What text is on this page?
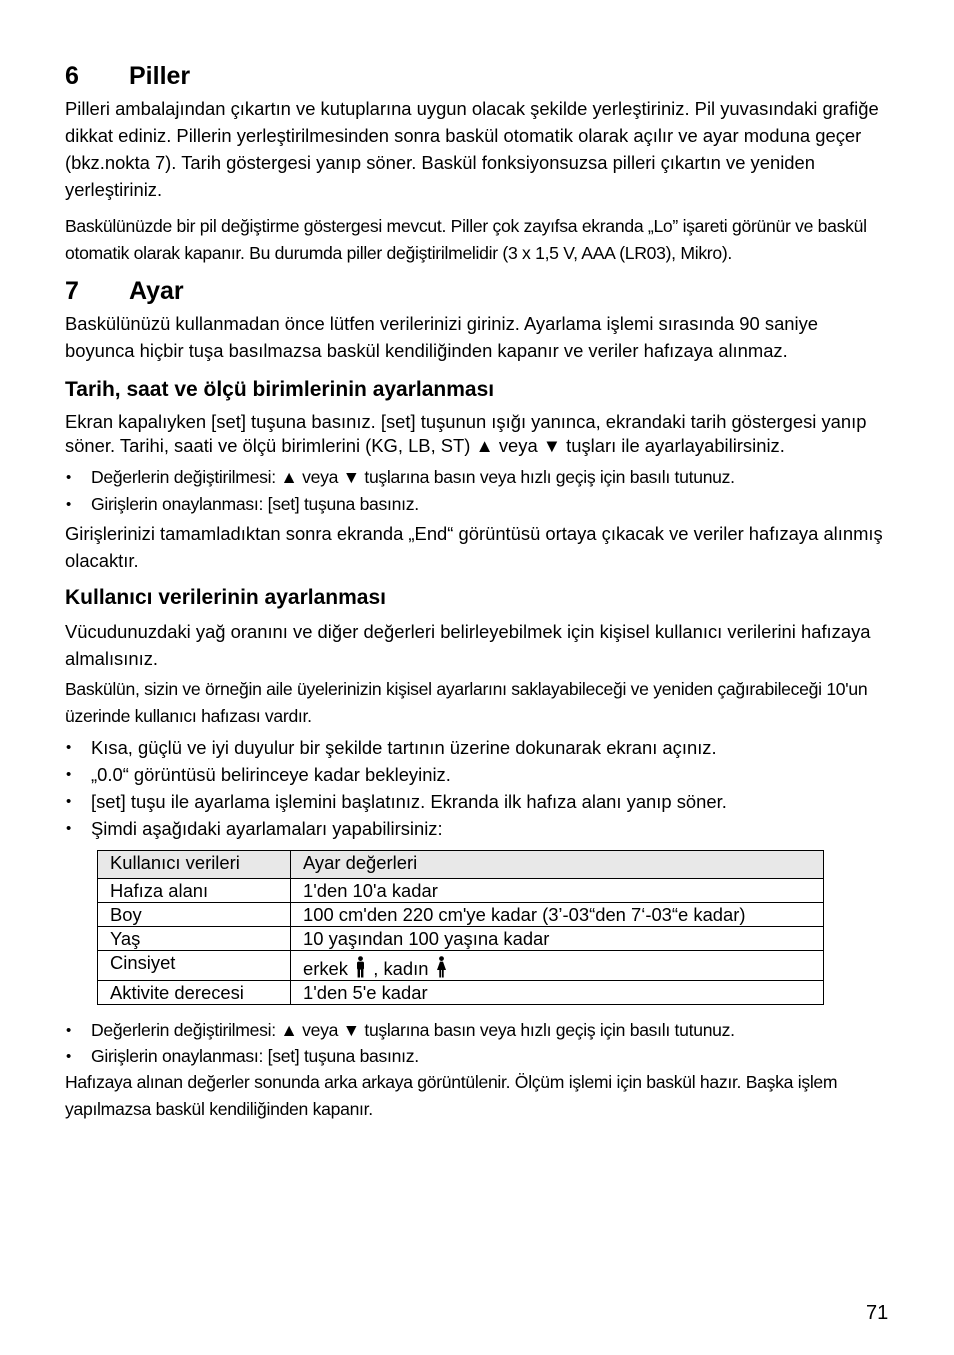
6	Piller

Pilleri ambalajından çıkartın ve kutuplarına uygun olacak şekilde yerleştiriniz. Pil yuvasındaki grafiğe dikkat ediniz. Pillerin yerleştirilmesinden sonra baskül otomatik olarak açılır ve ayar moduna geçer (bkz.nokta 7). Tarih göstergesi yanıp söner. Baskül fonksiyonsuzsa pilleri çıkartın ve yeniden yerleştiriniz.

Baskülünüzde bir pil değiştirme göstergesi mevcut. Piller çok zayıfsa ekranda „Lo” işareti görünür ve baskül otomatik olarak kapanır. Bu durumda piller değiştirilmelidir (3 x 1,5 V, AAA (LR03), Mikro).

7	Ayar

Baskülünüzü kullanmadan önce lütfen verilerinizi giriniz. Ayarlama işlemi sırasında 90 saniye boyunca hiçbir tuşa basılmazsa baskül kendiliğinden kapanır ve veriler hafızaya alınmaz.

Tarih, saat ve ölçü birimlerinin ayarlanması

Ekran kapalıyken [set] tuşuna basınız. [set] tuşunun ışığı yanınca, ekrandaki tarih göstergesi yanıp söner. Tarihi, saati ve ölçü birimlerini (KG, LB, ST) ▲ veya ▼ tuşları ile ayarlayabilirsiniz.

• Değerlerin değiştirilmesi: ▲ veya ▼ tuşlarına basın veya hızlı geçiş için basılı tutunuz.
• Girişlerin onaylanması: [set] tuşuna basınız.

Girişlerinizi tamamladıktan sonra ekranda „End“ görüntüsü ortaya çıkacak ve veriler hafızaya alınmış olacaktır.

Kullanıcı verilerinin ayarlanması

Vücudunuzdaki yağ oranını ve diğer değerleri belirleyebilmek için kişisel kullanıcı verilerini hafızaya almalısınız.

Baskülün, sizin ve örneğin aile üyelerinizin kişisel ayarlarını saklayabileceği ve yeniden çağırabileceği 10'un üzerinde kullanıcı hafızası vardır.

• Kısa, güçlü ve iyi duyulur bir şekilde tartının üzerine dokunarak ekranı açınız.
• „0.0“ görüntüsü belirinceye kadar bekleyiniz.
• [set] tuşu ile ayarlama işlemini başlatınız. Ekranda ilk hafıza alanı yanıp söner.
• Şimdi aşağıdaki ayarlamaları yapabilirsiniz:
Kullanıcı verileri	Ayar değerleri
Hafıza alanı	1'den 10'a kadar
Boy	100 cm'den 220 cm'ye kadar (3’-03“den 7‘-03“e kadar)
Yaş	10 yaşından 100 yaşına kadar
Cinsiyet	erkek , kadın
Aktivite derecesi	1'den 5'e kadar
• Değerlerin değiştirilmesi: ▲ veya ▼ tuşlarına basın veya hızlı geçiş için basılı tutunuz.
• Girişlerin onaylanması: [set] tuşuna basınız.

Hafızaya alınan değerler sonunda arka arkaya görüntülenir. Ölçüm işlemi için baskül hazır. Başka işlem yapılmazsa baskül kendiliğinden kapanır.

71
